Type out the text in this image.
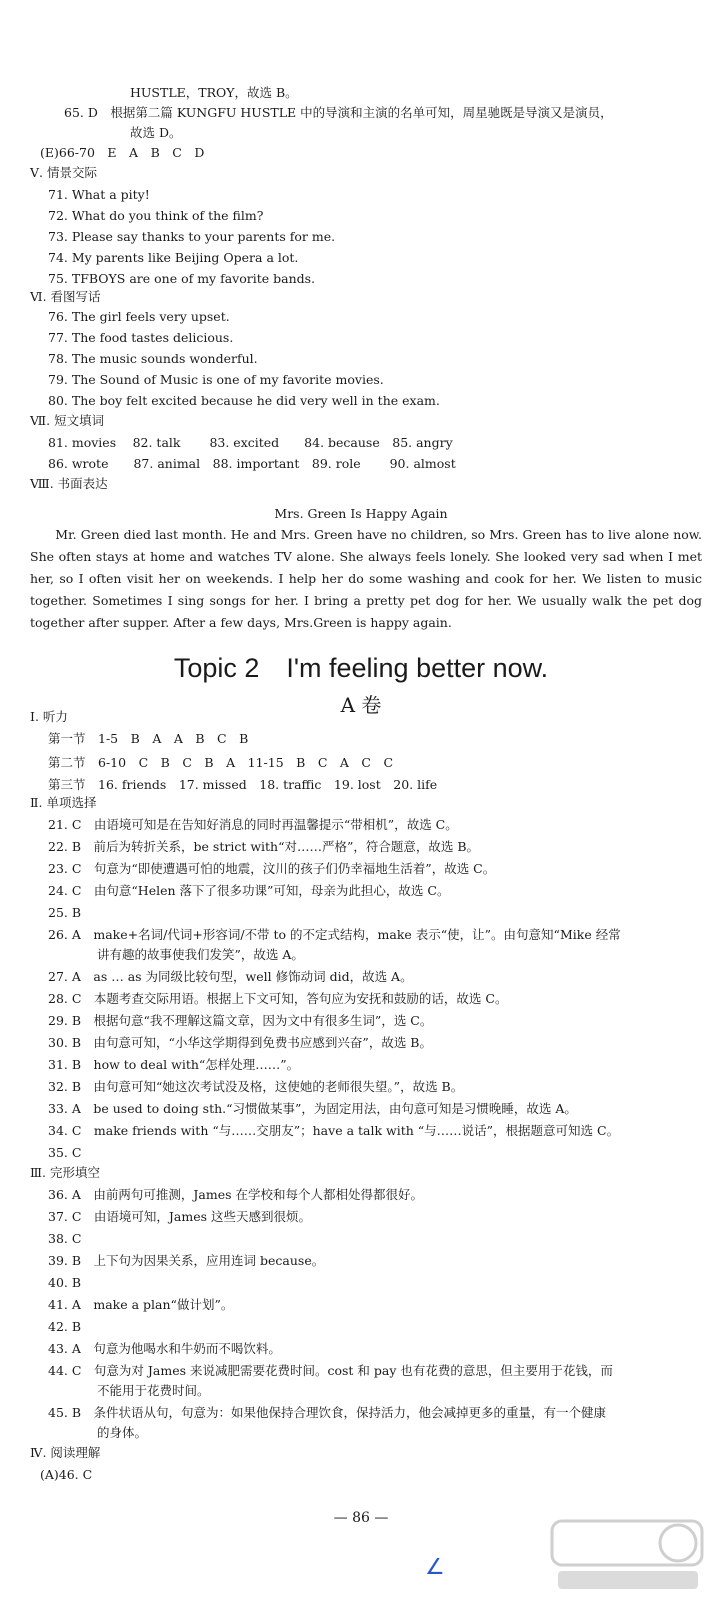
HUSTLE，TROY，故选 B。
65. D　根据第二篇 KUNGFU HUSTLE 中的导演和主演的名单可知，周星驰既是导演又是演员，
故选 D。
(E)66-70　E　A　B　C　D
Ⅴ. 情景交际
71. What a pity!
72. What do you think of the film?
73. Please say thanks to your parents for me.
74. My parents like Beijing Opera a lot.
75. TFBOYS are one of my favorite bands.
Ⅵ. 看图写话
76. The girl feels very upset.
77. The food tastes delicious.
78. The music sounds wonderful.
79. The Sound of Music is one of my favorite movies.
80. The boy felt excited because he did very well in the exam.
Ⅶ. 短文填词
81. movies　 82. talk　　 83. excited　　84. because　85. angry
86. wrote　　87. animal　88. important　89. role　　 90. almost
Ⅷ. 书面表达
Ⅰ. 听力
第一节　1-5　B　A　A　B　C　B
第二节　6-10　C　B　C　B　A　11-15　B　C　A　C　C
第三节　16. friends　17. missed　18. traffic　19. lost　20. life
Ⅱ. 单项选择
21. C　由语境可知是在告知好消息的同时再温馨提示“带相机”，故选 C。
22. B　前后为转折关系，be strict with“对……严格”，符合题意，故选 B。
23. C　句意为“即使遭遇可怕的地震，汶川的孩子们仍幸福地生活着”，故选 C。
24. C　由句意“Helen 落下了很多功课”可知，母亲为此担心，故选 C。
25. B
26. A　make+名词/代词+形容词/不带 to 的不定式结构，make 表示“使，让”。由句意知“Mike 经常
讲有趣的故事使我们发笑”，故选 A。
27. A　as … as 为同级比较句型，well 修饰动词 did，故选 A。
28. C　本题考查交际用语。根据上下文可知，答句应为安抚和鼓励的话，故选 C。
29. B　根据句意“我不理解这篇文章，因为文中有很多生词”，选 C。
30. B　由句意可知，“小华这学期得到免费书应感到兴奋”，故选 B。
31. B　how to deal with“怎样处理……”。
32. B　由句意可知“她这次考试没及格，这使她的老师很失望。”，故选 B。
33. A　be used to doing sth.“习惯做某事”，为固定用法，由句意可知是习惯晚睡，故选 A。
34. C　make friends with “与……交朋友”；have a talk with “与……说话”，根据题意可知选 C。
35. C
Ⅲ. 完形填空
36. A　由前两句可推测，James 在学校和每个人都相处得都很好。
37. C　由语境可知，James 这些天感到很烦。
38. C
39. B　上下句为因果关系，应用连词 because。
40. B
41. A　make a plan“做计划”。
42. B
43. A　句意为他喝水和牛奶而不喝饮料。
44. C　句意为对 James 来说减肥需要花费时间。cost 和 pay 也有花费的意思，但主要用于花钱，而
不能用于花费时间。
45. B　条件状语从句，句意为：如果他保持合理饮食，保持活力，他会减掉更多的重量，有一个健康
的身体。
Ⅳ. 阅读理解
(A)46. C
Mrs. Green Is Happy Again
　　Mr. Green died last month. He and Mrs. Green have no children, so Mrs. Green has to live alone now. She often stays at home and watches TV alone. She always feels lonely. She looked very sad when I met her, so I often visit her on weekends. I help her do some washing and cook for her. We listen to music together. Sometimes I sing songs for her. I bring a pretty pet dog for her. We usually walk the pet dog together after supper. After a few days, Mrs.Green is happy again.
Topic 2　I'm feeling better now.
A 卷
— 86 —
∠
